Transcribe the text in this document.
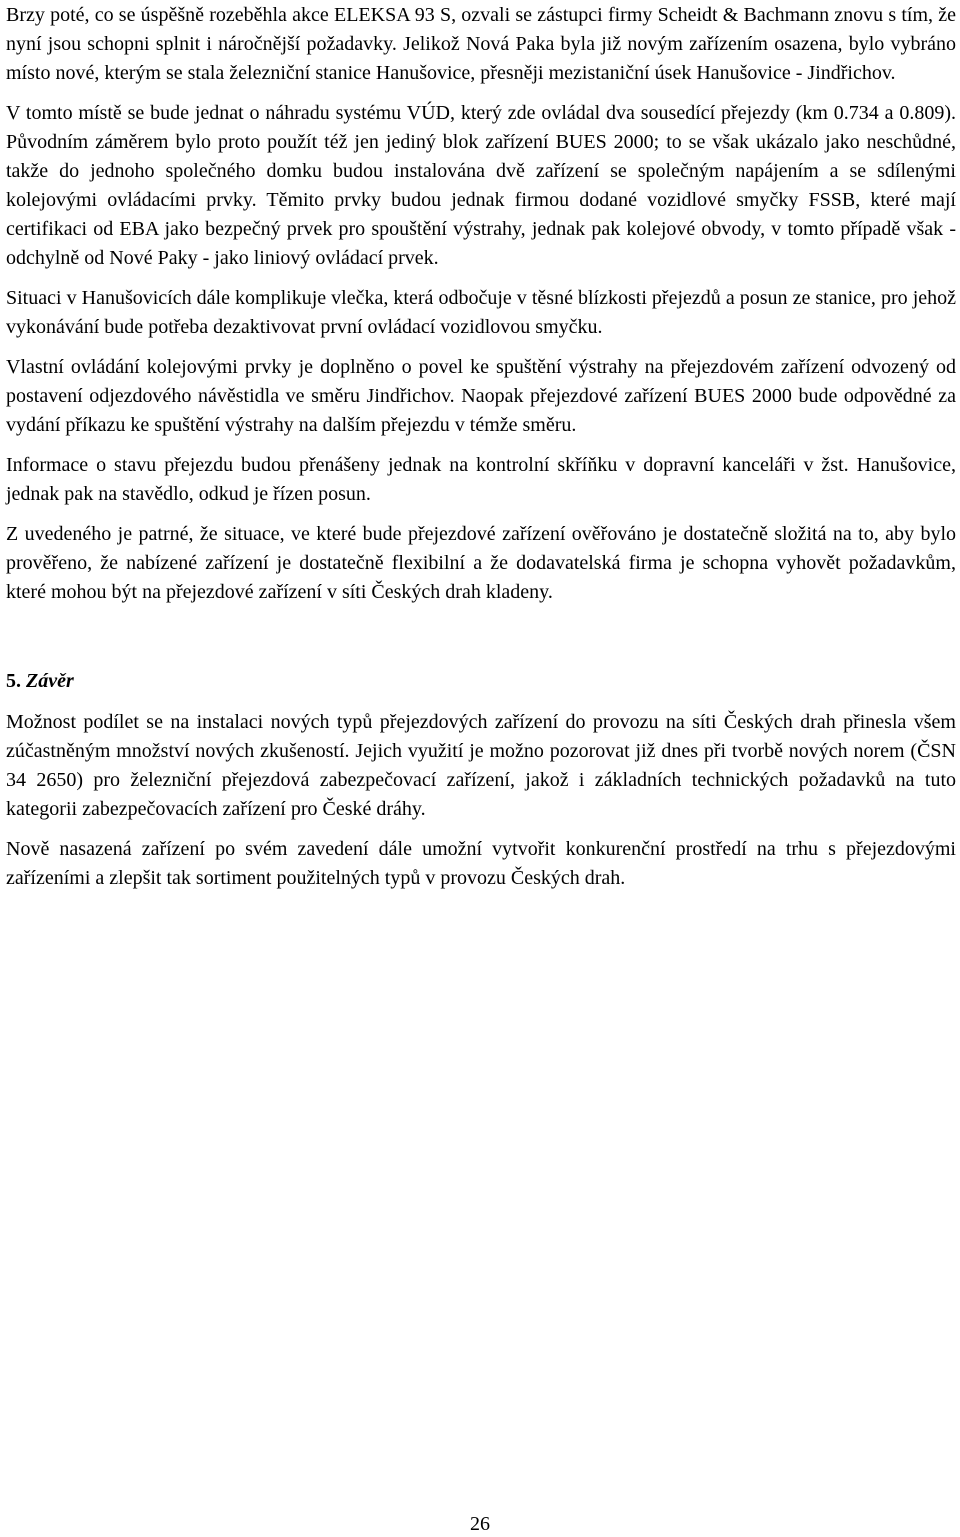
Brzy poté, co se úspěšně rozeběhla akce ELEKSA 93 S, ozvali se zástupci firmy Scheidt & Bachmann znovu s tím, že nyní jsou schopni splnit i náročnější požadavky. Jelikož Nová Paka byla již novým zařízením osazena, bylo vybráno místo nové, kterým se stala železniční stanice Hanušovice, přesněji mezistaniční úsek Hanušovice - Jindřichov.

V tomto místě se bude jednat o náhradu systému VÚD, který zde ovládal dva sousedící přejezdy (km 0.734 a 0.809). Původním záměrem bylo proto použít též jen jediný blok zařízení BUES 2000; to se však ukázalo jako neschůdné, takže do jednoho společného domku budou instalována dvě zařízení se společným napájením a se sdílenými kolejovými ovládacími prvky. Těmito prvky budou jednak firmou dodané vozidlové smyčky FSSB, které mají certifikaci od EBA jako bezpečný prvek pro spouštění výstrahy, jednak pak kolejové obvody, v tomto případě však - odchylně od Nové Paky - jako liniový ovládací prvek.

Situaci v Hanušovicích dále komplikuje vlečka, která odbočuje v těsné blízkosti přejezdů a posun ze stanice, pro jehož vykonávání bude potřeba dezaktivovat první ovládací vozidlovou smyčku.

Vlastní ovládání kolejovými prvky je doplněno o povel ke spuštění výstrahy na přejezdovém zařízení odvozený od postavení odjezdového návěstidla ve směru Jindřichov. Naopak přejezdové zařízení BUES 2000 bude odpovědné za vydání příkazu ke spuštění výstrahy na dalším přejezdu v témže směru.

Informace o stavu přejezdu budou přenášeny jednak na kontrolní skříňku v dopravní kanceláři v žst. Hanušovice, jednak pak na stavědlo, odkud je řízen posun.

Z uvedeného je patrné, že situace, ve které bude přejezdové zařízení ověřováno je dostatečně složitá na to, aby bylo prověřeno, že nabízené zařízení je dostatečně flexibilní a že dodavatelská firma je schopna vyhovět požadavkům, které mohou být na přejezdové zařízení v síti Českých drah kladeny.

5. Závěr

Možnost podílet se na instalaci nových typů přejezdových zařízení do provozu na síti Českých drah přinesla všem zúčastněným množství nových zkušeností. Jejich využití je možno pozorovat již dnes při tvorbě nových norem (ČSN 34 2650) pro železniční přejezdová zabezpečovací zařízení, jakož i základních technických požadavků na tuto kategorii zabezpečovacích zařízení pro České dráhy.

Nově nasazená zařízení po svém zavedení dále umožní vytvořit konkurenční prostředí na trhu s přejezdovými zařízeními a zlepšit tak sortiment použitelných typů v provozu Českých drah.

26
